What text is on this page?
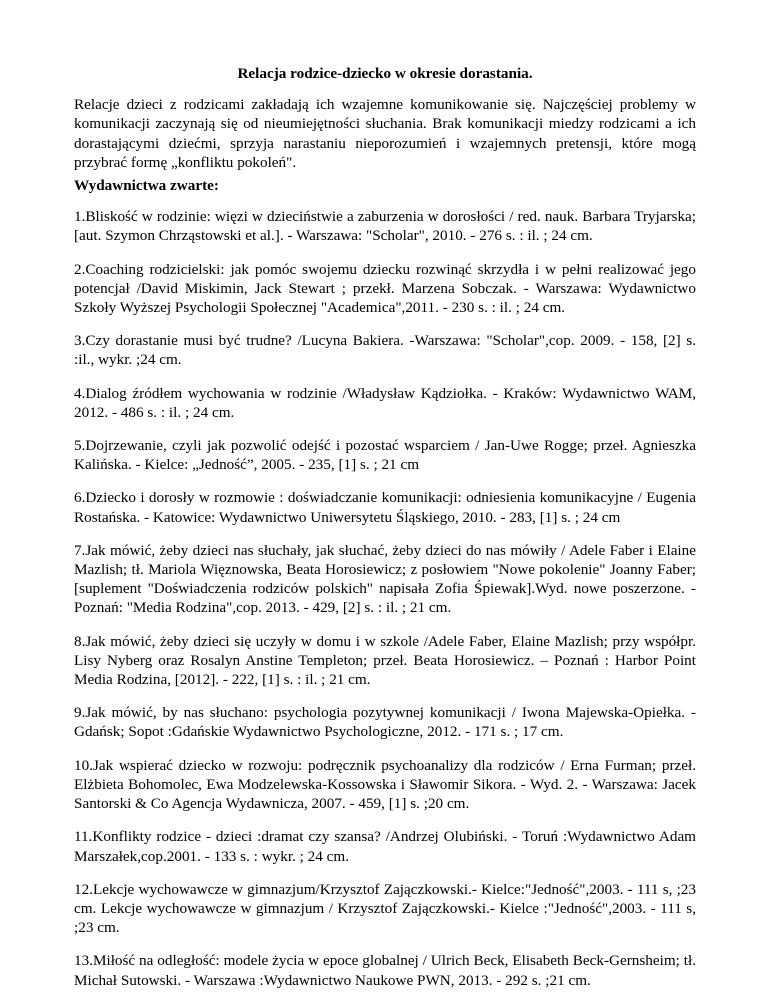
Relacja rodzice-dziecko w okresie dorastania.

Relacje dzieci z rodzicami zakładają ich wzajemne komunikowanie się. Najczęściej problemy w komunikacji zaczynają się od nieumiejętności słuchania. Brak komunikacji miedzy rodzicami a ich dorastającymi dziećmi, sprzyja narastaniu nieporozumień i wzajemnych pretensji, które mogą przybrać formę „konfliktu pokoleń".

Wydawnictwa zwarte:

1.Bliskość w rodzinie: więzi w dzieciństwie a zaburzenia w dorosłości / red. nauk. Barbara Tryjarska; [aut. Szymon Chrząstowski et al.]. - Warszawa: "Scholar", 2010. - 276 s. : il. ; 24 cm.

2.Coaching rodzicielski: jak pomóc swojemu dziecku rozwinąć skrzydła i w pełni realizować jego potencjał /David Miskimin, Jack Stewart ; przekł. Marzena Sobczak. - Warszawa: Wydawnictwo Szkoły Wyższej Psychologii Społecznej "Academica",2011. - 230 s. : il. ; 24 cm.

3.Czy dorastanie musi być trudne? /Lucyna Bakiera. -Warszawa: "Scholar",cop. 2009. - 158, [2] s. :il., wykr. ;24 cm.

4.Dialog źródłem wychowania w rodzinie /Władysław Kądziołka. - Kraków: Wydawnictwo WAM, 2012. - 486 s. : il. ; 24 cm.

5.Dojrzewanie, czyli jak pozwolić odejść i pozostać wsparciem / Jan-Uwe Rogge; przeł. Agnieszka Kalińska. - Kielce: „Jedność”, 2005. - 235, [1] s. ; 21 cm

6.Dziecko i dorosły w rozmowie : doświadczanie komunikacji: odniesienia komunikacyjne / Eugenia Rostańska. - Katowice: Wydawnictwo Uniwersytetu Śląskiego, 2010. - 283, [1] s. ; 24 cm

7.Jak mówić, żeby dzieci nas słuchały, jak słuchać, żeby dzieci do nas mówiły / Adele Faber i Elaine Mazlish; tł. Mariola Więznowska, Beata Horosiewicz; z posłowiem "Nowe pokolenie" Joanny Faber; [suplement "Doświadczenia rodziców polskich" napisała Zofia Śpiewak].Wyd. nowe poszerzone. - Poznań: "Media Rodzina",cop. 2013. - 429, [2] s. : il. ; 21 cm.

8.Jak mówić, żeby dzieci się uczyły w domu i w szkole /Adele Faber, Elaine Mazlish; przy współpr. Lisy Nyberg oraz Rosalyn Anstine Templeton; przeł. Beata Horosiewicz. – Poznań : Harbor Point Media Rodzina, [2012]. - 222, [1] s. : il. ; 21 cm.

9.Jak mówić, by nas słuchano: psychologia pozytywnej komunikacji / Iwona Majewska-Opiełka. - Gdańsk; Sopot :Gdańskie Wydawnictwo Psychologiczne, 2012. - 171 s. ; 17 cm.

10.Jak wspierać dziecko w rozwoju: podręcznik psychoanalizy dla rodziców / Erna Furman; przeł. Elżbieta Bohomolec, Ewa Modzelewska-Kossowska i Sławomir Sikora. - Wyd. 2. - Warszawa: Jacek Santorski & Co Agencja Wydawnicza, 2007. - 459, [1] s. ;20 cm.

11.Konflikty rodzice - dzieci :dramat czy szansa? /Andrzej Olubiński. - Toruń :Wydawnictwo Adam Marszałek,cop.2001. - 133 s. : wykr. ; 24 cm.

12.Lekcje wychowawcze w gimnazjum/Krzysztof Zajączkowski.- Kielce:"Jedność",2003. - 111 s, ;23 cm. Lekcje wychowawcze w gimnazjum / Krzysztof Zajączkowski.- Kielce :"Jedność",2003. - 111 s, ;23 cm.

13.Miłość na odległość: modele życia w epoce globalnej / Ulrich Beck, Elisabeth Beck-Gernsheim; tł. Michał Sutowski. - Warszawa :Wydawnictwo Naukowe PWN, 2013. - 292 s. ;21 cm.
